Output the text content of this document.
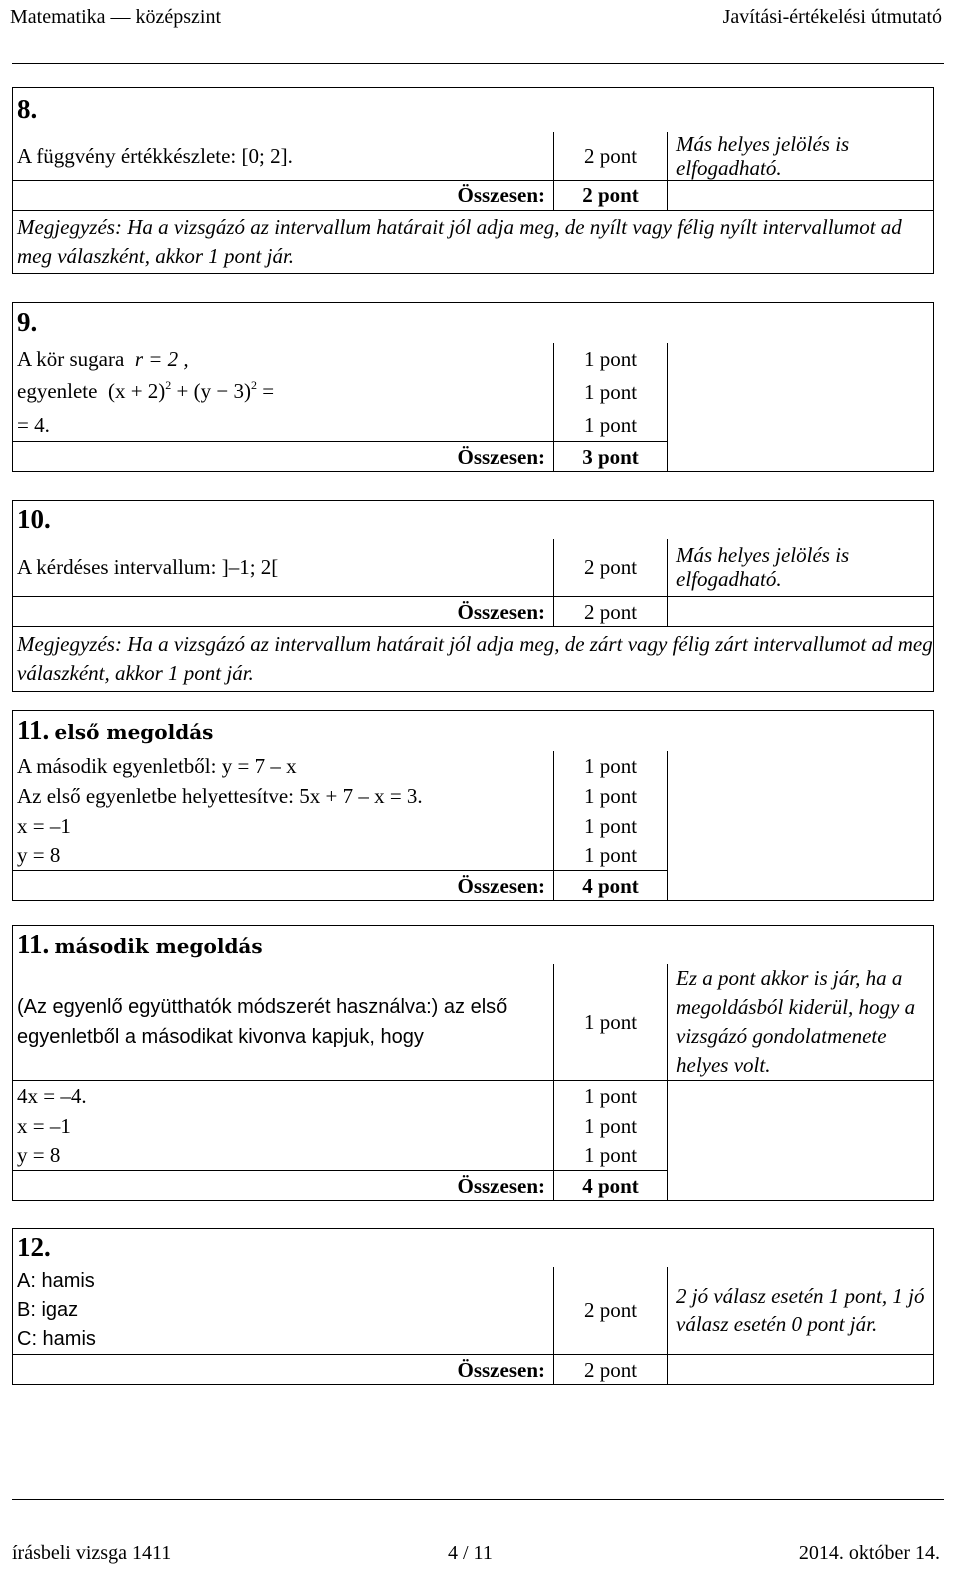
Matematika — középszint	Javítási-értékelési útmutató
8.		
A függvény értékkészlete: [0; 2].	2 pont	Más helyes jelölés is elfogadható.
Összesen:	2 pont	
Megjegyzés: Ha a vizsgázó az intervallum határait jól adja meg, de nyílt vagy félig nyílt intervallumot ad meg válaszként, akkor 1 pont jár.		
9.		
A kör sugara r = 2 ,	1 pont	
egyenlete $(x + 2)^2 + (y - 3)^2$ =	1 pont	
= 4.	1 pont	
Összesen:	3 pont	
10.		
A kérdéses intervallum: ]–1; 2[	2 pont	Más helyes jelölés is elfogadható.
Összesen:	2 pont	
Megjegyzés: Ha a vizsgázó az intervallum határait jól adja meg, de zárt vagy félig zárt intervallumot ad meg válaszként, akkor 1 pont jár.		
11. első megoldás		
A második egyenletből: y = 7 – x	1 pont	
Az első egyenletbe helyettesítve: 5x + 7 – x = 3.	1 pont	
x = –1	1 pont	
y = 8	1 pont	
Összesen:	4 pont	
11. második megoldás		
(Az egyenlő együtthatók módszerét használva:) az első egyenletből a másodikat kivonva kapjuk, hogy	1 pont	Ez a pont akkor is jár, ha a megoldásból kiderül, hogy a vizsgázó gondolatmenete helyes volt.
4x = –4.	1 pont	
x = –1	1 pont	
y = 8	1 pont	
Összesen:	4 pont	
12.		

A: hamis
B: igaz
C: hamis	2 pont	2 jó válasz esetén 1 pont, 1 jó válasz esetén 0 pont jár.
Összesen:	2 pont	
írásbeli vizsga 1411	4 / 11	2014. október 14.
